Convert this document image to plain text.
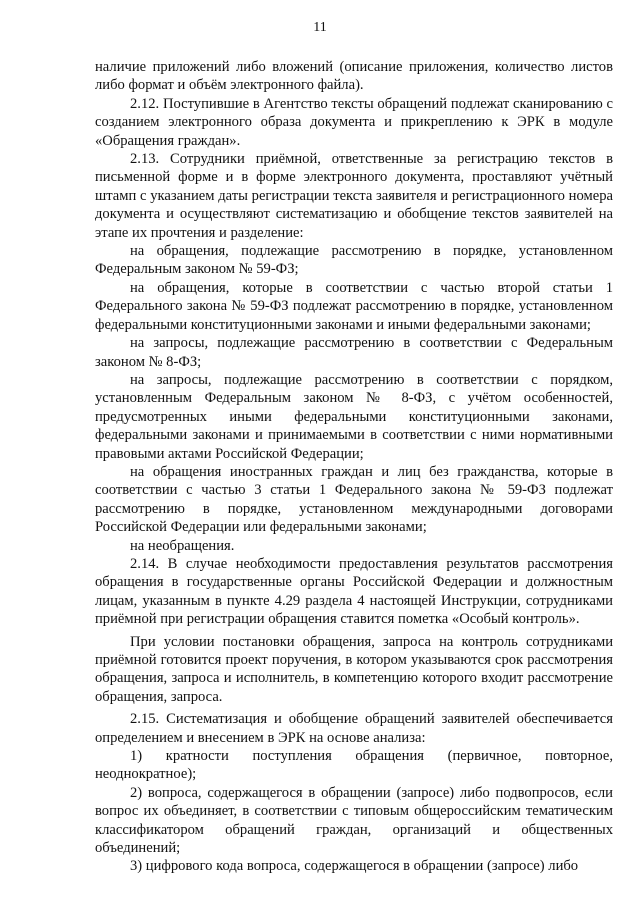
11

наличие приложений либо вложений (описание приложения, количество листов либо формат и объём электронного файла).

2.12. Поступившие в Агентство тексты обращений подлежат сканированию с созданием электронного образа документа и прикреплению к ЭРК в модуле «Обращения граждан».

2.13. Сотрудники приёмной, ответственные за регистрацию текстов в письменной форме и в форме электронного документа, проставляют учётный штамп с указанием даты регистрации текста заявителя и регистрационного номера документа и осуществляют систематизацию и обобщение текстов заявителей на этапе их прочтения и разделение:

на обращения, подлежащие рассмотрению в порядке, установленном Федеральным законом № 59-ФЗ;

на обращения, которые в соответствии с частью второй статьи 1 Федерального закона № 59-ФЗ подлежат рассмотрению в порядке, установленном федеральными конституционными законами и иными федеральными законами;

на запросы, подлежащие рассмотрению в соответствии с Федеральным законом № 8-ФЗ;

на запросы, подлежащие рассмотрению в соответствии с порядком, установленным Федеральным законом № 8-ФЗ, с учётом особенностей, предусмотренных иными федеральными конституционными законами, федеральными законами и принимаемыми в соответствии с ними нормативными правовыми актами Российской Федерации;

на обращения иностранных граждан и лиц без гражданства, которые в соответствии с частью 3 статьи 1 Федерального закона № 59-ФЗ подлежат рассмотрению в порядке, установленном международными договорами Российской Федерации или федеральными законами;

на необращения.

2.14. В случае необходимости предоставления результатов рассмотрения обращения в государственные органы Российской Федерации и должностным лицам, указанным в пункте 4.29 раздела 4 настоящей Инструкции, сотрудниками приёмной при регистрации обращения ставится пометка «Особый контроль».

При условии постановки обращения, запроса на контроль сотрудниками приёмной готовится проект поручения, в котором указываются срок рассмотрения обращения, запроса и исполнитель, в компетенцию которого входит рассмотрение обращения, запроса.

2.15. Систематизация и обобщение обращений заявителей обеспечивается определением и внесением в ЭРК на основе анализа:

1) кратности поступления обращения (первичное, повторное, неоднократное);

2) вопроса, содержащегося в обращении (запросе) либо подвопросов, если вопрос их объединяет, в соответствии с типовым общероссийским тематическим классификатором обращений граждан, организаций и общественных объединений;

3) цифрового кода вопроса, содержащегося в обращении (запросе) либо
